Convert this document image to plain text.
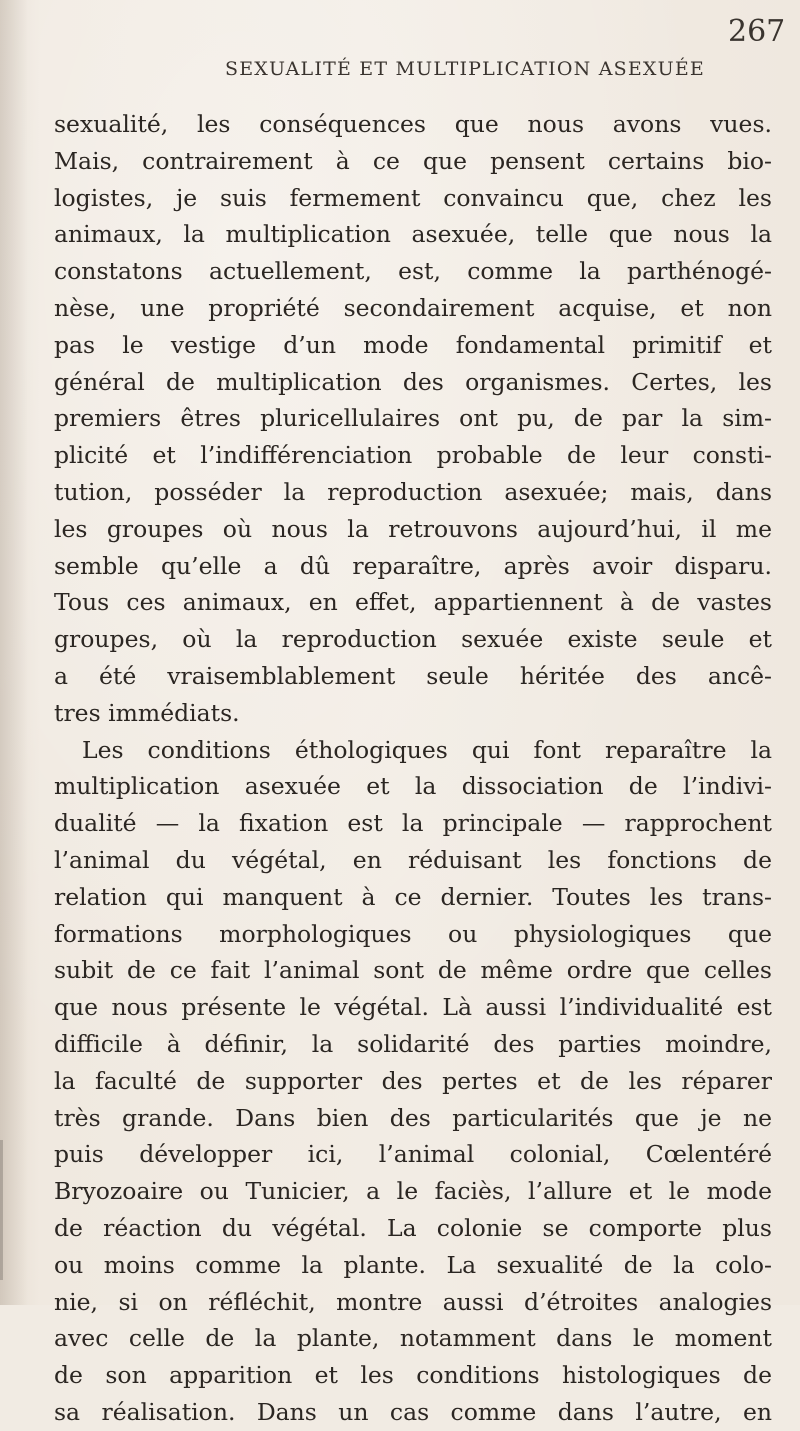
SEXUALITÉ ET MULTIPLICATION ASEXUÉE
267
sexualité, les conséquences que nous avons vues.
Mais, contrairement à ce que pensent certains bio-
logistes, je suis fermement convaincu que, chez les
animaux, la multiplication asexuée, telle que nous la
constatons actuellement, est, comme la parthénogé-
nèse, une propriété secondairement acquise, et non
pas le vestige d’un mode fondamental primitif et
général de multiplication des organismes. Certes, les
premiers êtres pluricellulaires ont pu, de par la sim-
plicité et l’indifférenciation probable de leur consti-
tution, posséder la reproduction asexuée; mais, dans
les groupes où nous la retrouvons aujourd’hui, il me
semble qu’elle a dû reparaître, après avoir disparu.
Tous ces animaux, en effet, appartiennent à de vastes
groupes, où la reproduction sexuée existe seule et
a été vraisemblablement seule héritée des ancê-
tres immédiats.
Les conditions éthologiques qui font reparaître la
multiplication asexuée et la dissociation de l’indivi-
dualité — la fixation est la principale — rapprochent
l’animal du végétal, en réduisant les fonctions de
relation qui manquent à ce dernier. Toutes les trans-
formations morphologiques ou physiologiques que
subit de ce fait l’animal sont de même ordre que celles
que nous présente le végétal. Là aussi l’individualité est
difficile à définir, la solidarité des parties moindre,
la faculté de supporter des pertes et de les réparer
très grande. Dans bien des particularités que je ne
puis développer ici, l’animal colonial, Cœlentéré
Bryozoaire ou Tunicier, a le faciès, l’allure et le mode
de réaction du végétal. La colonie se comporte plus
ou moins comme la plante. La sexualité de la colo-
nie, si on réfléchit, montre aussi d’étroites analogies
avec celle de la plante, notamment dans le moment
de son apparition et les conditions histologiques de
sa réalisation. Dans un cas comme dans l’autre, en
